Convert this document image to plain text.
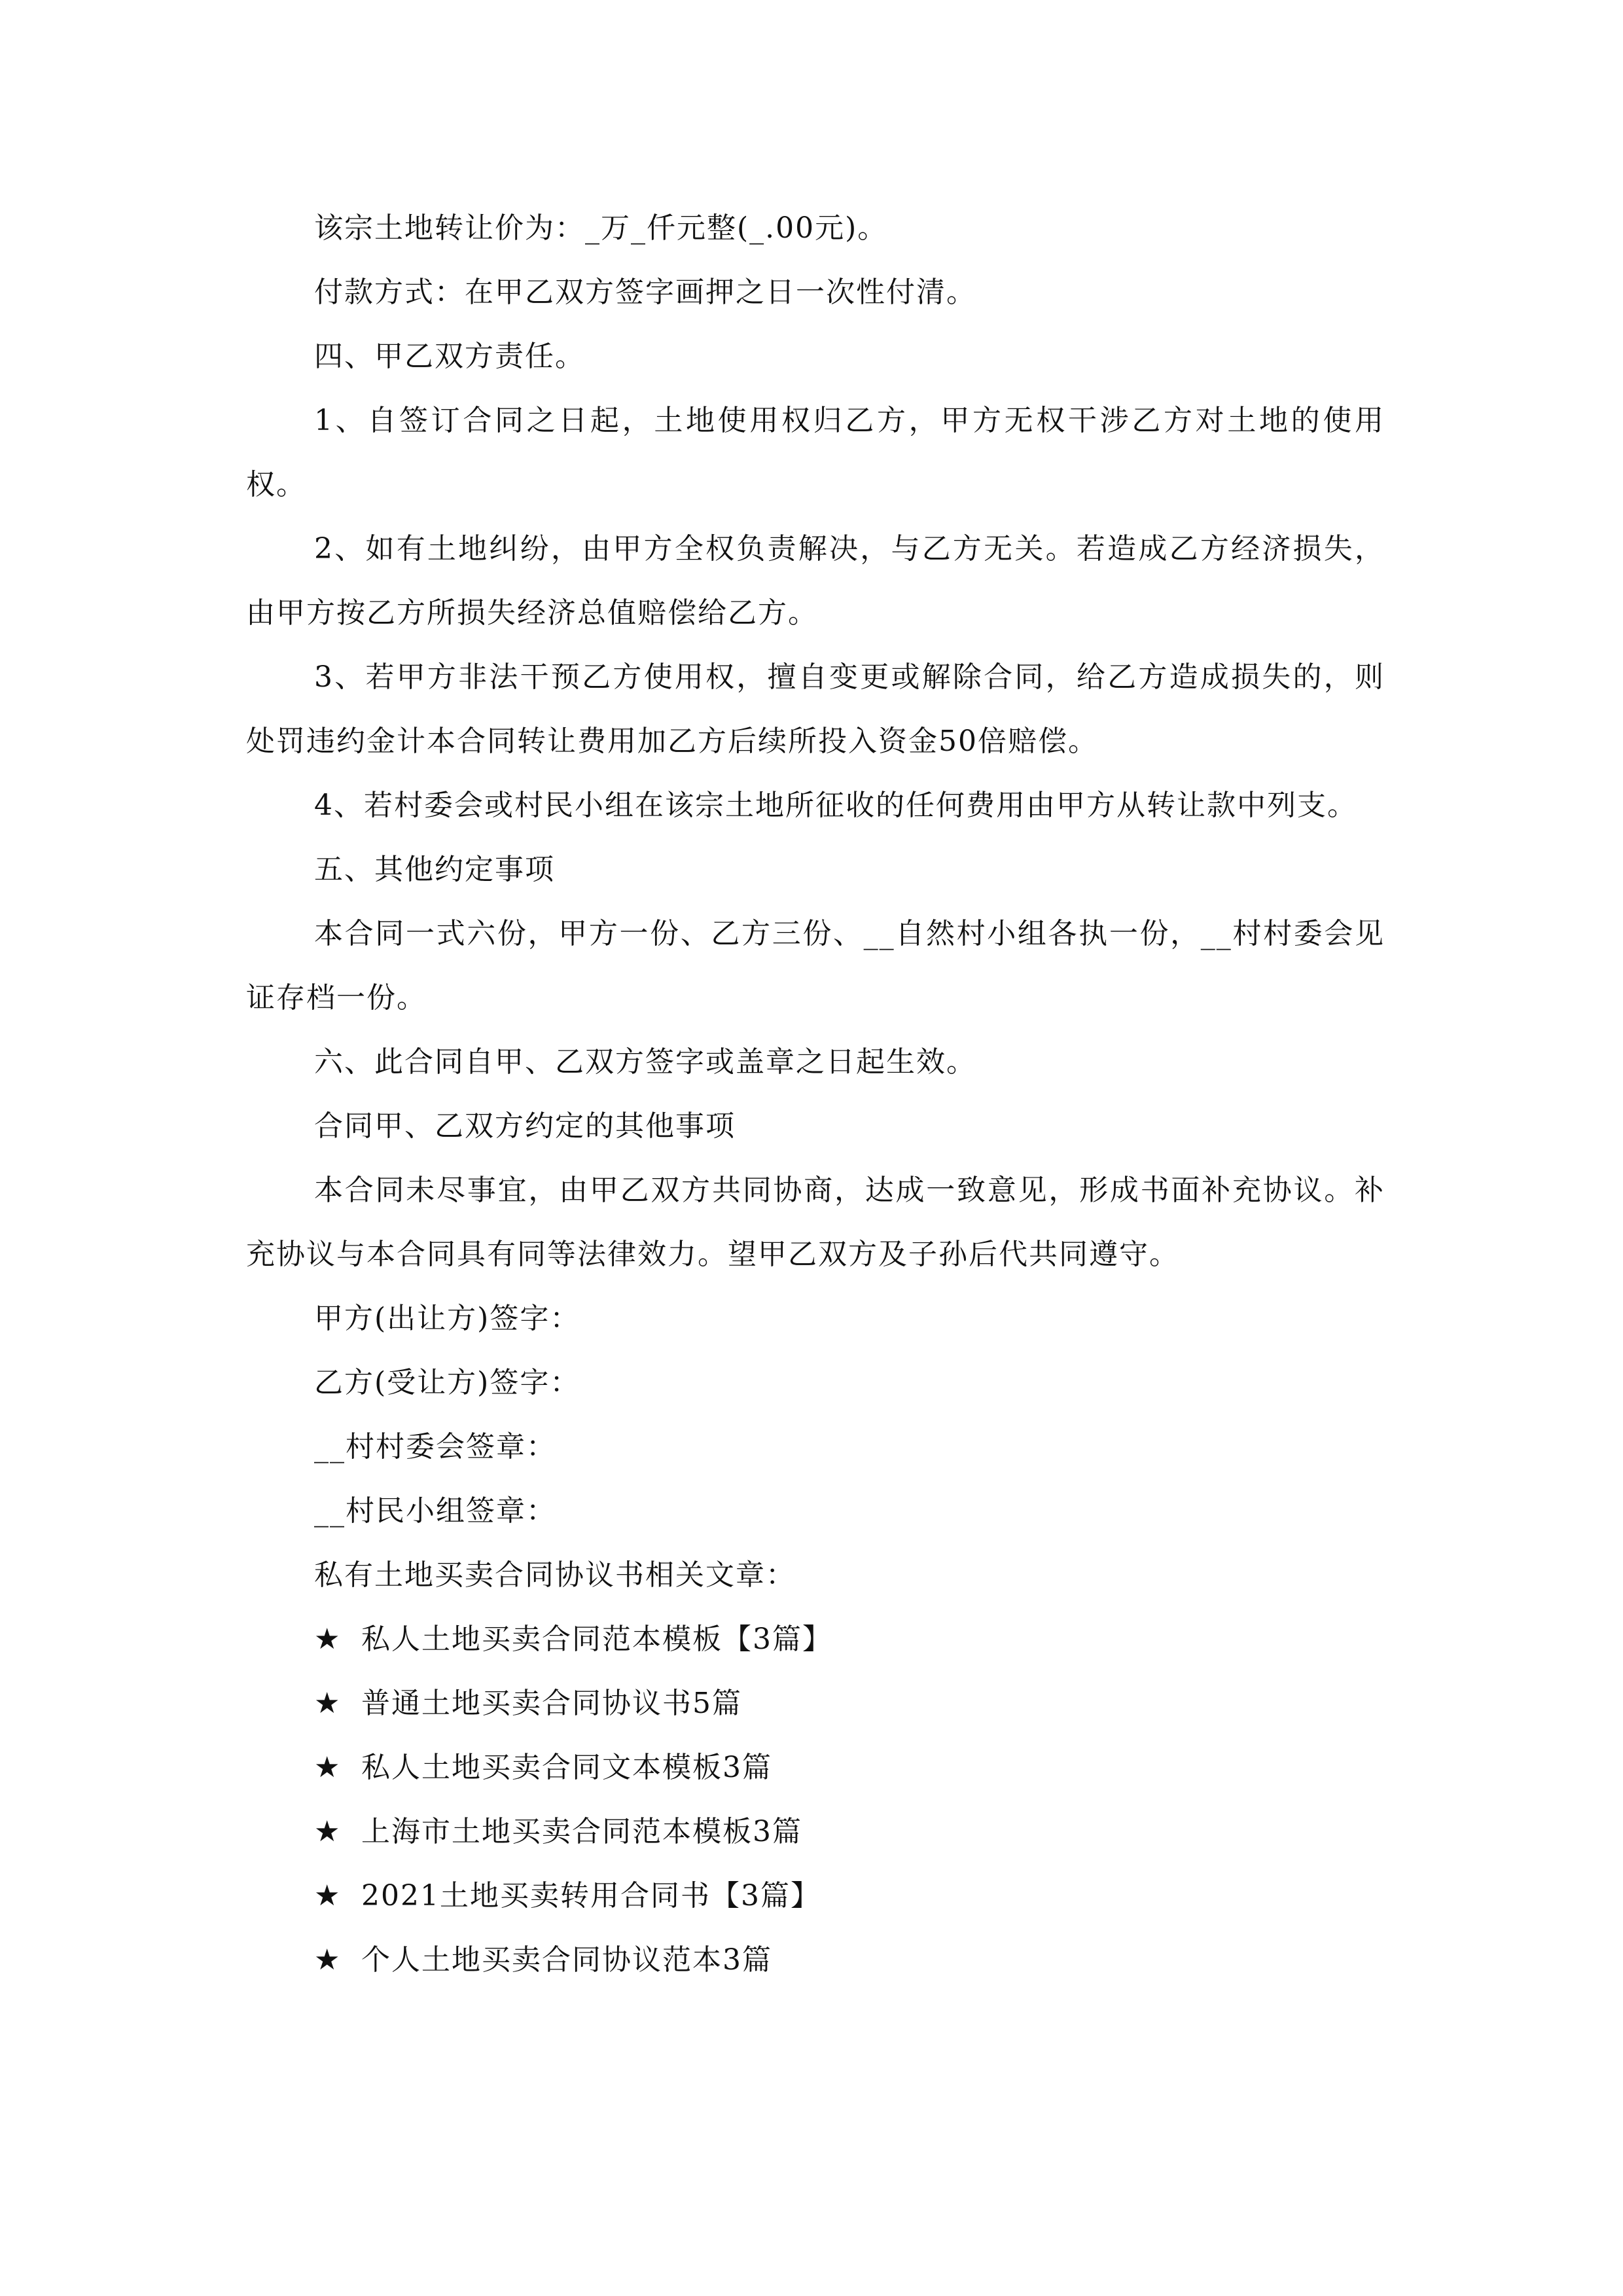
该宗土地转让价为：_万_仟元整(_.00元)。

付款方式：在甲乙双方签字画押之日一次性付清。

四、甲乙双方责任。

1、自签订合同之日起，土地使用权归乙方，甲方无权干涉乙方对土地的使用权。

2、如有土地纠纷，由甲方全权负责解决，与乙方无关。若造成乙方经济损失，由甲方按乙方所损失经济总值赔偿给乙方。

3、若甲方非法干预乙方使用权，擅自变更或解除合同，给乙方造成损失的，则处罚违约金计本合同转让费用加乙方后续所投入资金50倍赔偿。

4、若村委会或村民小组在该宗土地所征收的任何费用由甲方从转让款中列支。

五、其他约定事项

本合同一式六份，甲方一份、乙方三份、__自然村小组各执一份，__村村委会见证存档一份。

六、此合同自甲、乙双方签字或盖章之日起生效。

合同甲、乙双方约定的其他事项

本合同未尽事宜，由甲乙双方共同协商，达成一致意见，形成书面补充协议。补充协议与本合同具有同等法律效力。望甲乙双方及子孙后代共同遵守。

甲方(出让方)签字：

乙方(受让方)签字：

__村村委会签章：

__村民小组签章：

私有土地买卖合同协议书相关文章：

★ 私人土地买卖合同范本模板【3篇】
★ 普通土地买卖合同协议书5篇
★ 私人土地买卖合同文本模板3篇
★ 上海市土地买卖合同范本模板3篇
★ 2021土地买卖转用合同书【3篇】
★ 个人土地买卖合同协议范本3篇
